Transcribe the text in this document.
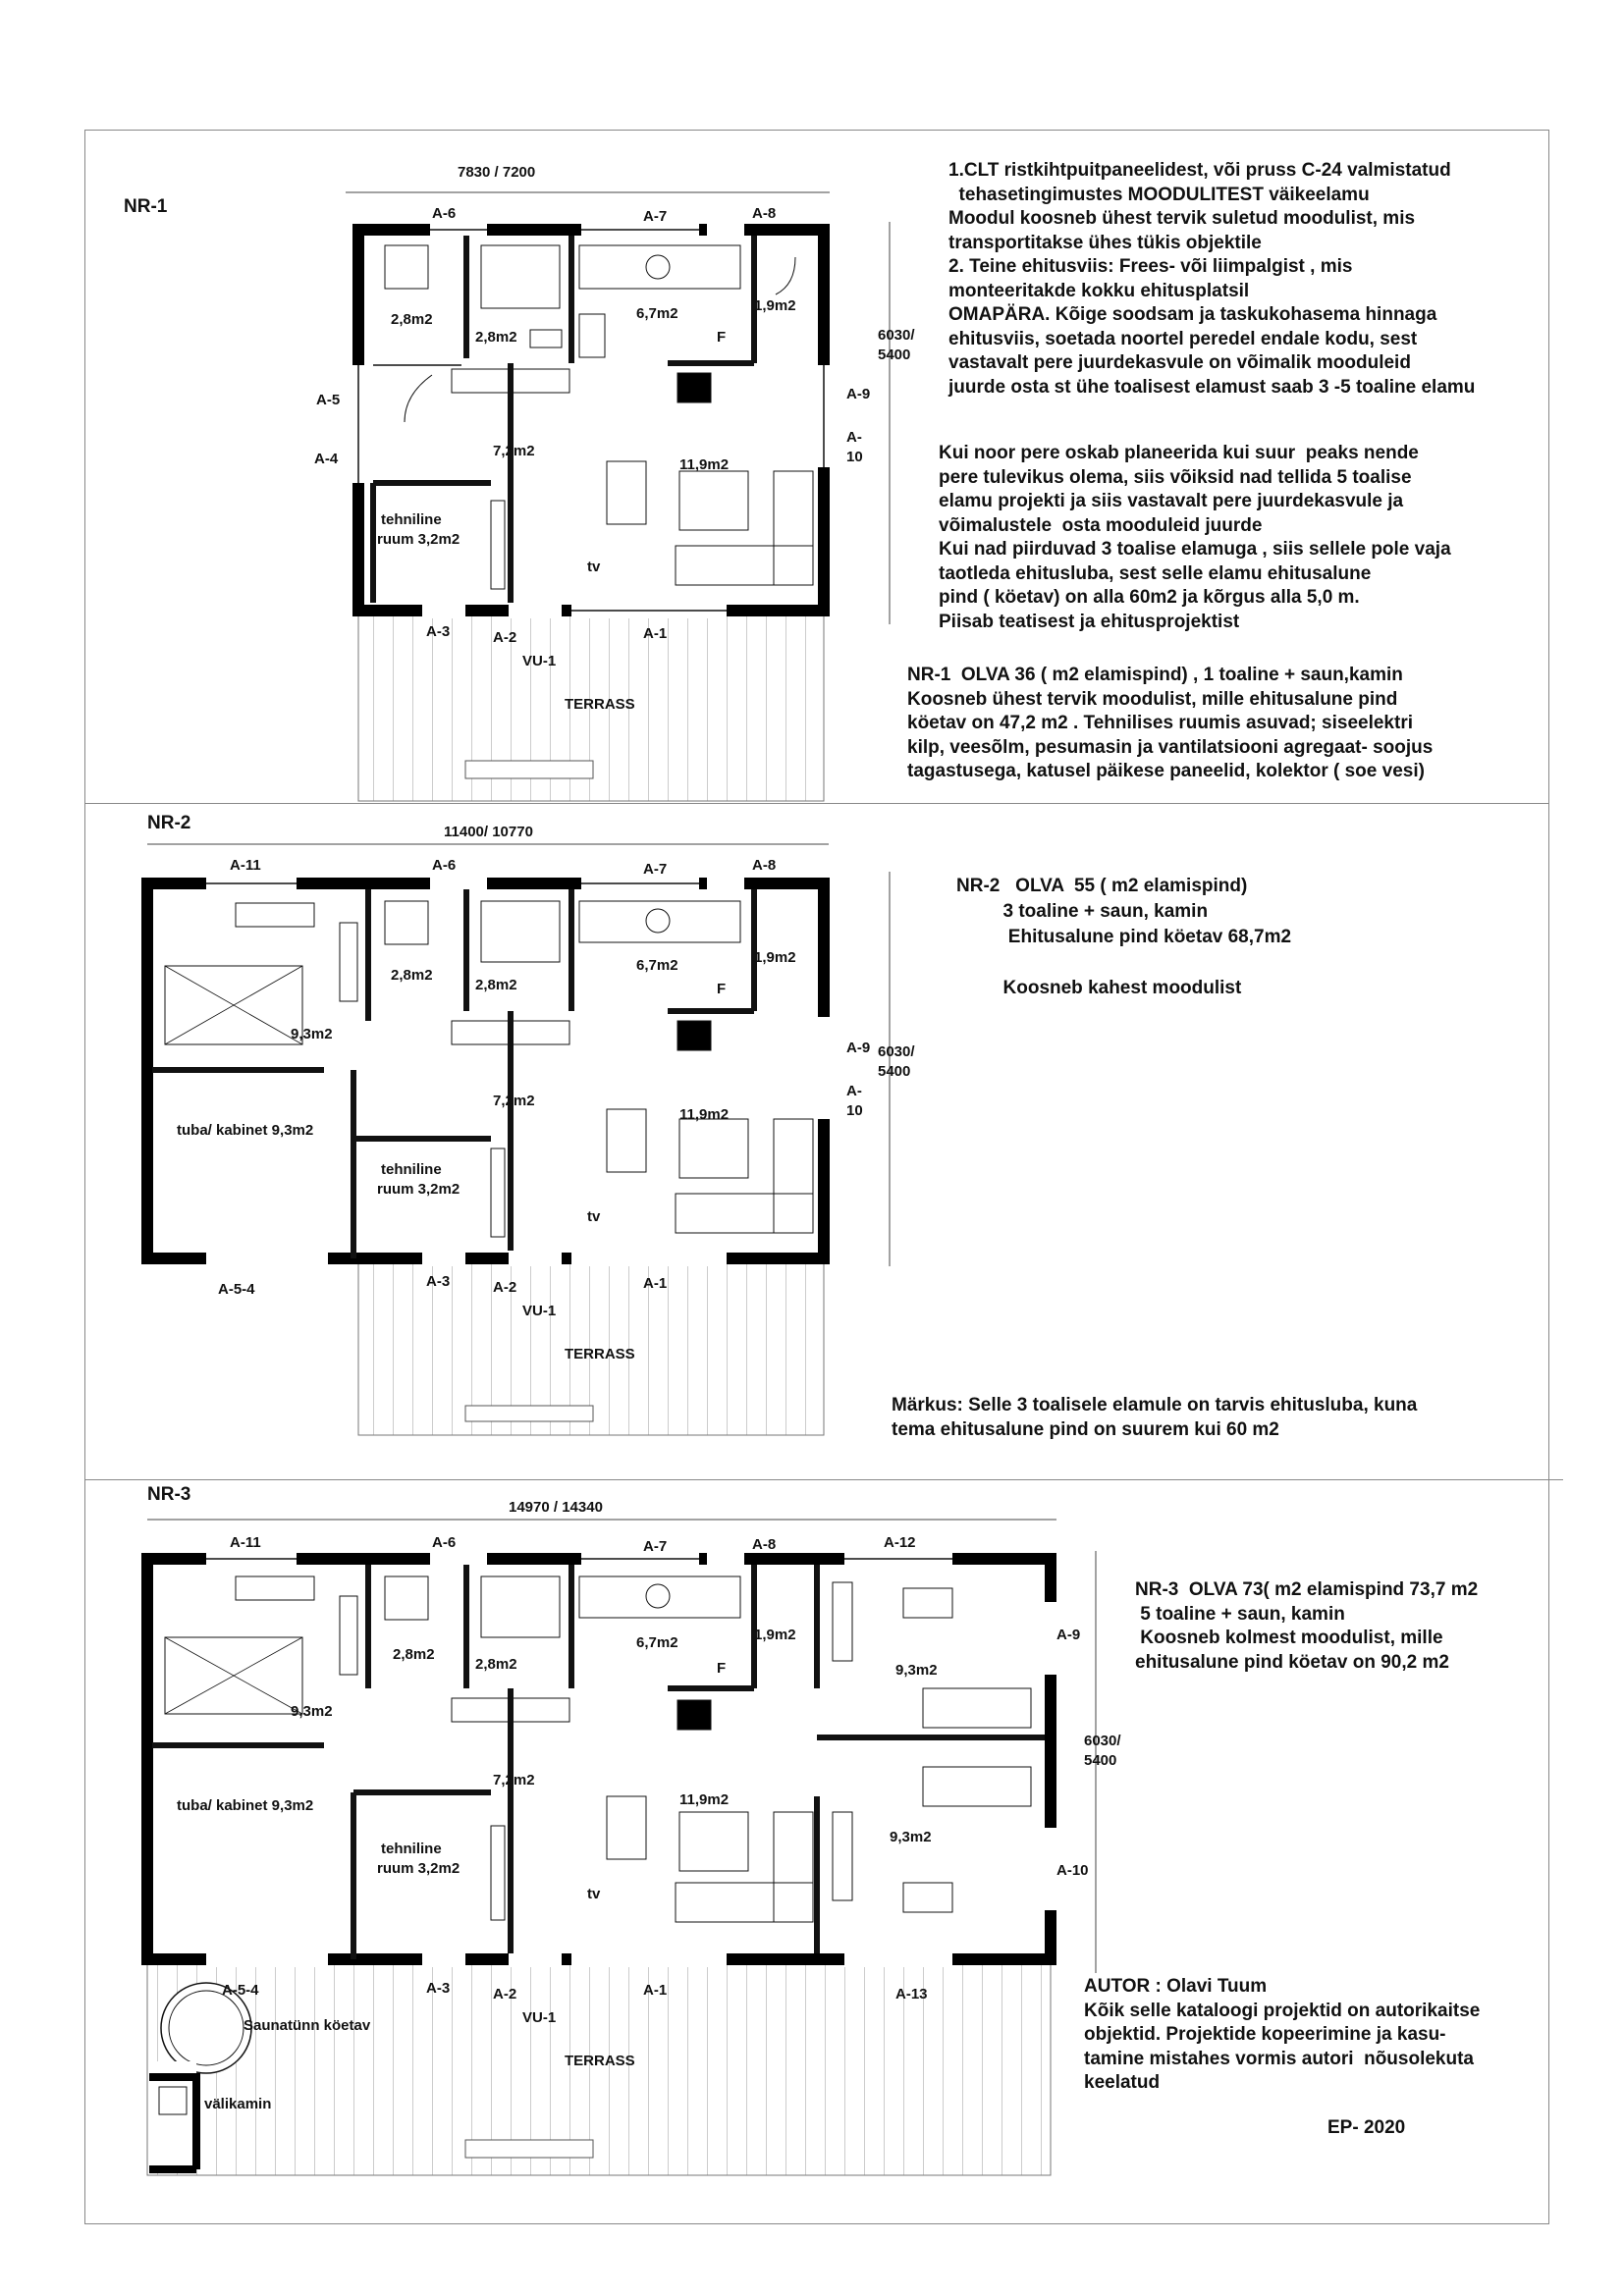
7830 / 7200
6030/
5400
A-6	A-7	A-8
A-5
A-4
A-9
A-
10
A-3	A-2	A-1
VU-1
TERRASS
2,8m2
2,8m2
6,7m2	1,9m2
F
7,2m2
11,9m2
tehniline
ruum 3,2m2
tv
11400/ 10770
6030/
5400
A-11	A-6	A-7	A-8
A-9
A-
10
A-5-4	A-3	A-2	A-1
VU-1
TERRASS
2,8m2
2,8m2
6,7m2	1,9m2
F
9,3m2
7,2m2
11,9m2
tuba/ kabinet 9,3m2
tehniline
ruum 3,2m2
tv
14970 / 14340
6030/
5400
A-11	A-6	A-7	A-8	A-12
A-9
A-10
A-5-4	A-3	A-2	A-1	A-13
VU-1
TERRASS
Saunatünn köetav
välikamin
2,8m2
2,8m2
6,7m2	1,9m2
F
9,3m2
9,3m2
7,2m2
11,9m2
9,3m2
tuba/ kabinet 9,3m2
tehniline
ruum 3,2m2
tv
NR-1
NR-2
NR-3
1.CLT ristkihtpuitpaneelidest, või pruss C-24 valmistatud
tehasetingimustes MOODULITEST väikeelamu
Moodul koosneb ühest tervik suletud moodulist, mis
transportitakse ühes tükis objektile
2. Teine ehitusviis: Frees- või liimpalgist , mis
monteeritakde kokku ehitusplatsil
OMAPÄRA. Kõige soodsam ja taskukohasema hinnaga
ehitusviis, soetada noortel peredel endale kodu, sest
vastavalt pere juurdekasvule on võimalik mooduleid
juurde osta st ühe toalisest elamust saab 3 -5 toaline elamu
Kui noor pere oskab planeerida kui suur  peaks nende
pere tulevikus olema, siis võiksid nad tellida 5 toalise
elamu projekti ja siis vastavalt pere juurdekasvule ja
võimalustele  osta mooduleid juurde
Kui nad piirduvad 3 toalise elamuga , siis sellele pole vaja
taotleda ehitusluba, sest selle elamu ehitusalune
pind ( köetav) on alla 60m2 ja kõrgus alla 5,0 m.
Piisab teatisest ja ehitusprojektist
NR-1  OLVA 36 ( m2 elamispind) , 1 toaline + saun,kamin
Koosneb ühest tervik moodulist, mille ehitusalune pind
köetav on 47,2 m2 . Tehnilises ruumis asuvad; siseelektri
kilp, veesõlm, pesumasin ja vantilatsiooni agregaat- soojus
tagastusega, katusel päikese paneelid, kolektor ( soe vesi)
NR-2   OLVA  55 ( m2 elamispind)
3 toaline + saun, kamin
Ehitusalune pind köetav 68,7m2

Koosneb kahest moodulist
Märkus: Selle 3 toalisele elamule on tarvis ehitusluba, kuna
tema ehitusalune pind on suurem kui 60 m2
NR-3  OLVA 73( m2 elamispind 73,7 m2
5 toaline + saun, kamin
Koosneb kolmest moodulist, mille
ehitusalune pind köetav on 90,2 m2
AUTOR : Olavi Tuum
Kõik selle kataloogi projektid on autorikaitse
objektid. Projektide kopeerimine ja kasu-
tamine mistahes vormis autori  nõusolekuta
keelatud
EP- 2020
